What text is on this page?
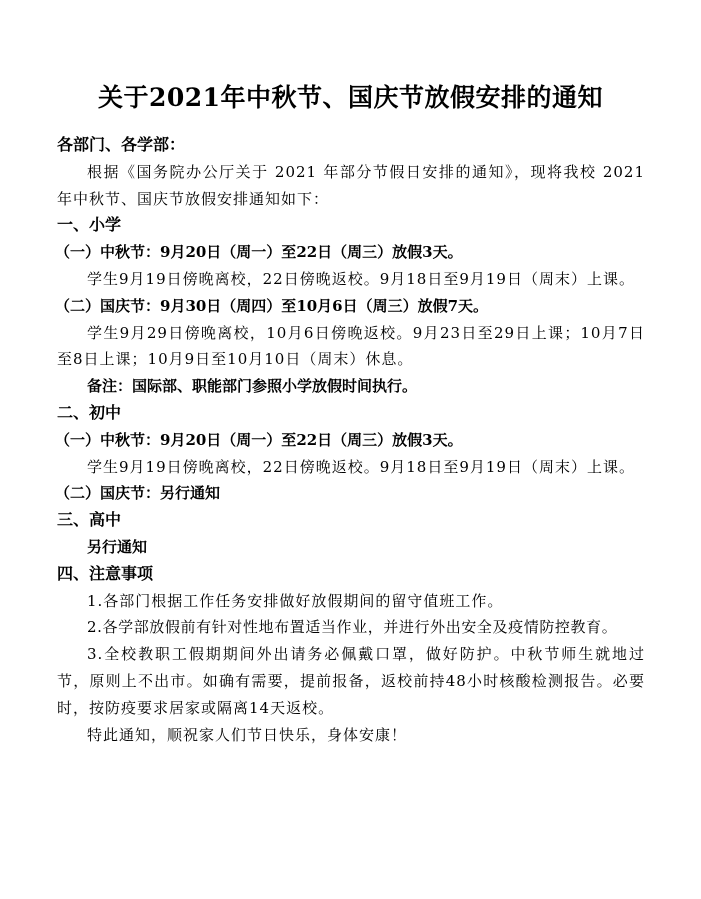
关于2021年中秋节、国庆节放假安排的通知
各部门、各学部：
根据《国务院办公厅关于 2021 年部分节假日安排的通知》，现将我校 2021 年中秋节、国庆节放假安排通知如下：
一、小学
（一）中秋节：9月20日（周一）至22日（周三）放假3天。
学生9月19日傍晚离校，22日傍晚返校。9月18日至9月19日（周末）上课。
（二）国庆节：9月30日（周四）至10月6日（周三）放假7天。
学生9月29日傍晚离校，10月6日傍晚返校。9月23日至29日上课；10月7日至8日上课；10月9日至10月10日（周末）休息。
备注：国际部、职能部门参照小学放假时间执行。
二、初中
（一）中秋节：9月20日（周一）至22日（周三）放假3天。
学生9月19日傍晚离校，22日傍晚返校。9月18日至9月19日（周末）上课。
（二）国庆节：另行通知
三、高中
另行通知
四、注意事项
1.各部门根据工作任务安排做好放假期间的留守值班工作。
2.各学部放假前有针对性地布置适当作业，并进行外出安全及疫情防控教育。
3.全校教职工假期期间外出请务必佩戴口罩，做好防护。中秋节师生就地过节，原则上不出市。如确有需要，提前报备，返校前持48小时核酸检测报告。必要时，按防疫要求居家或隔离14天返校。
特此通知，顺祝家人们节日快乐，身体安康！
